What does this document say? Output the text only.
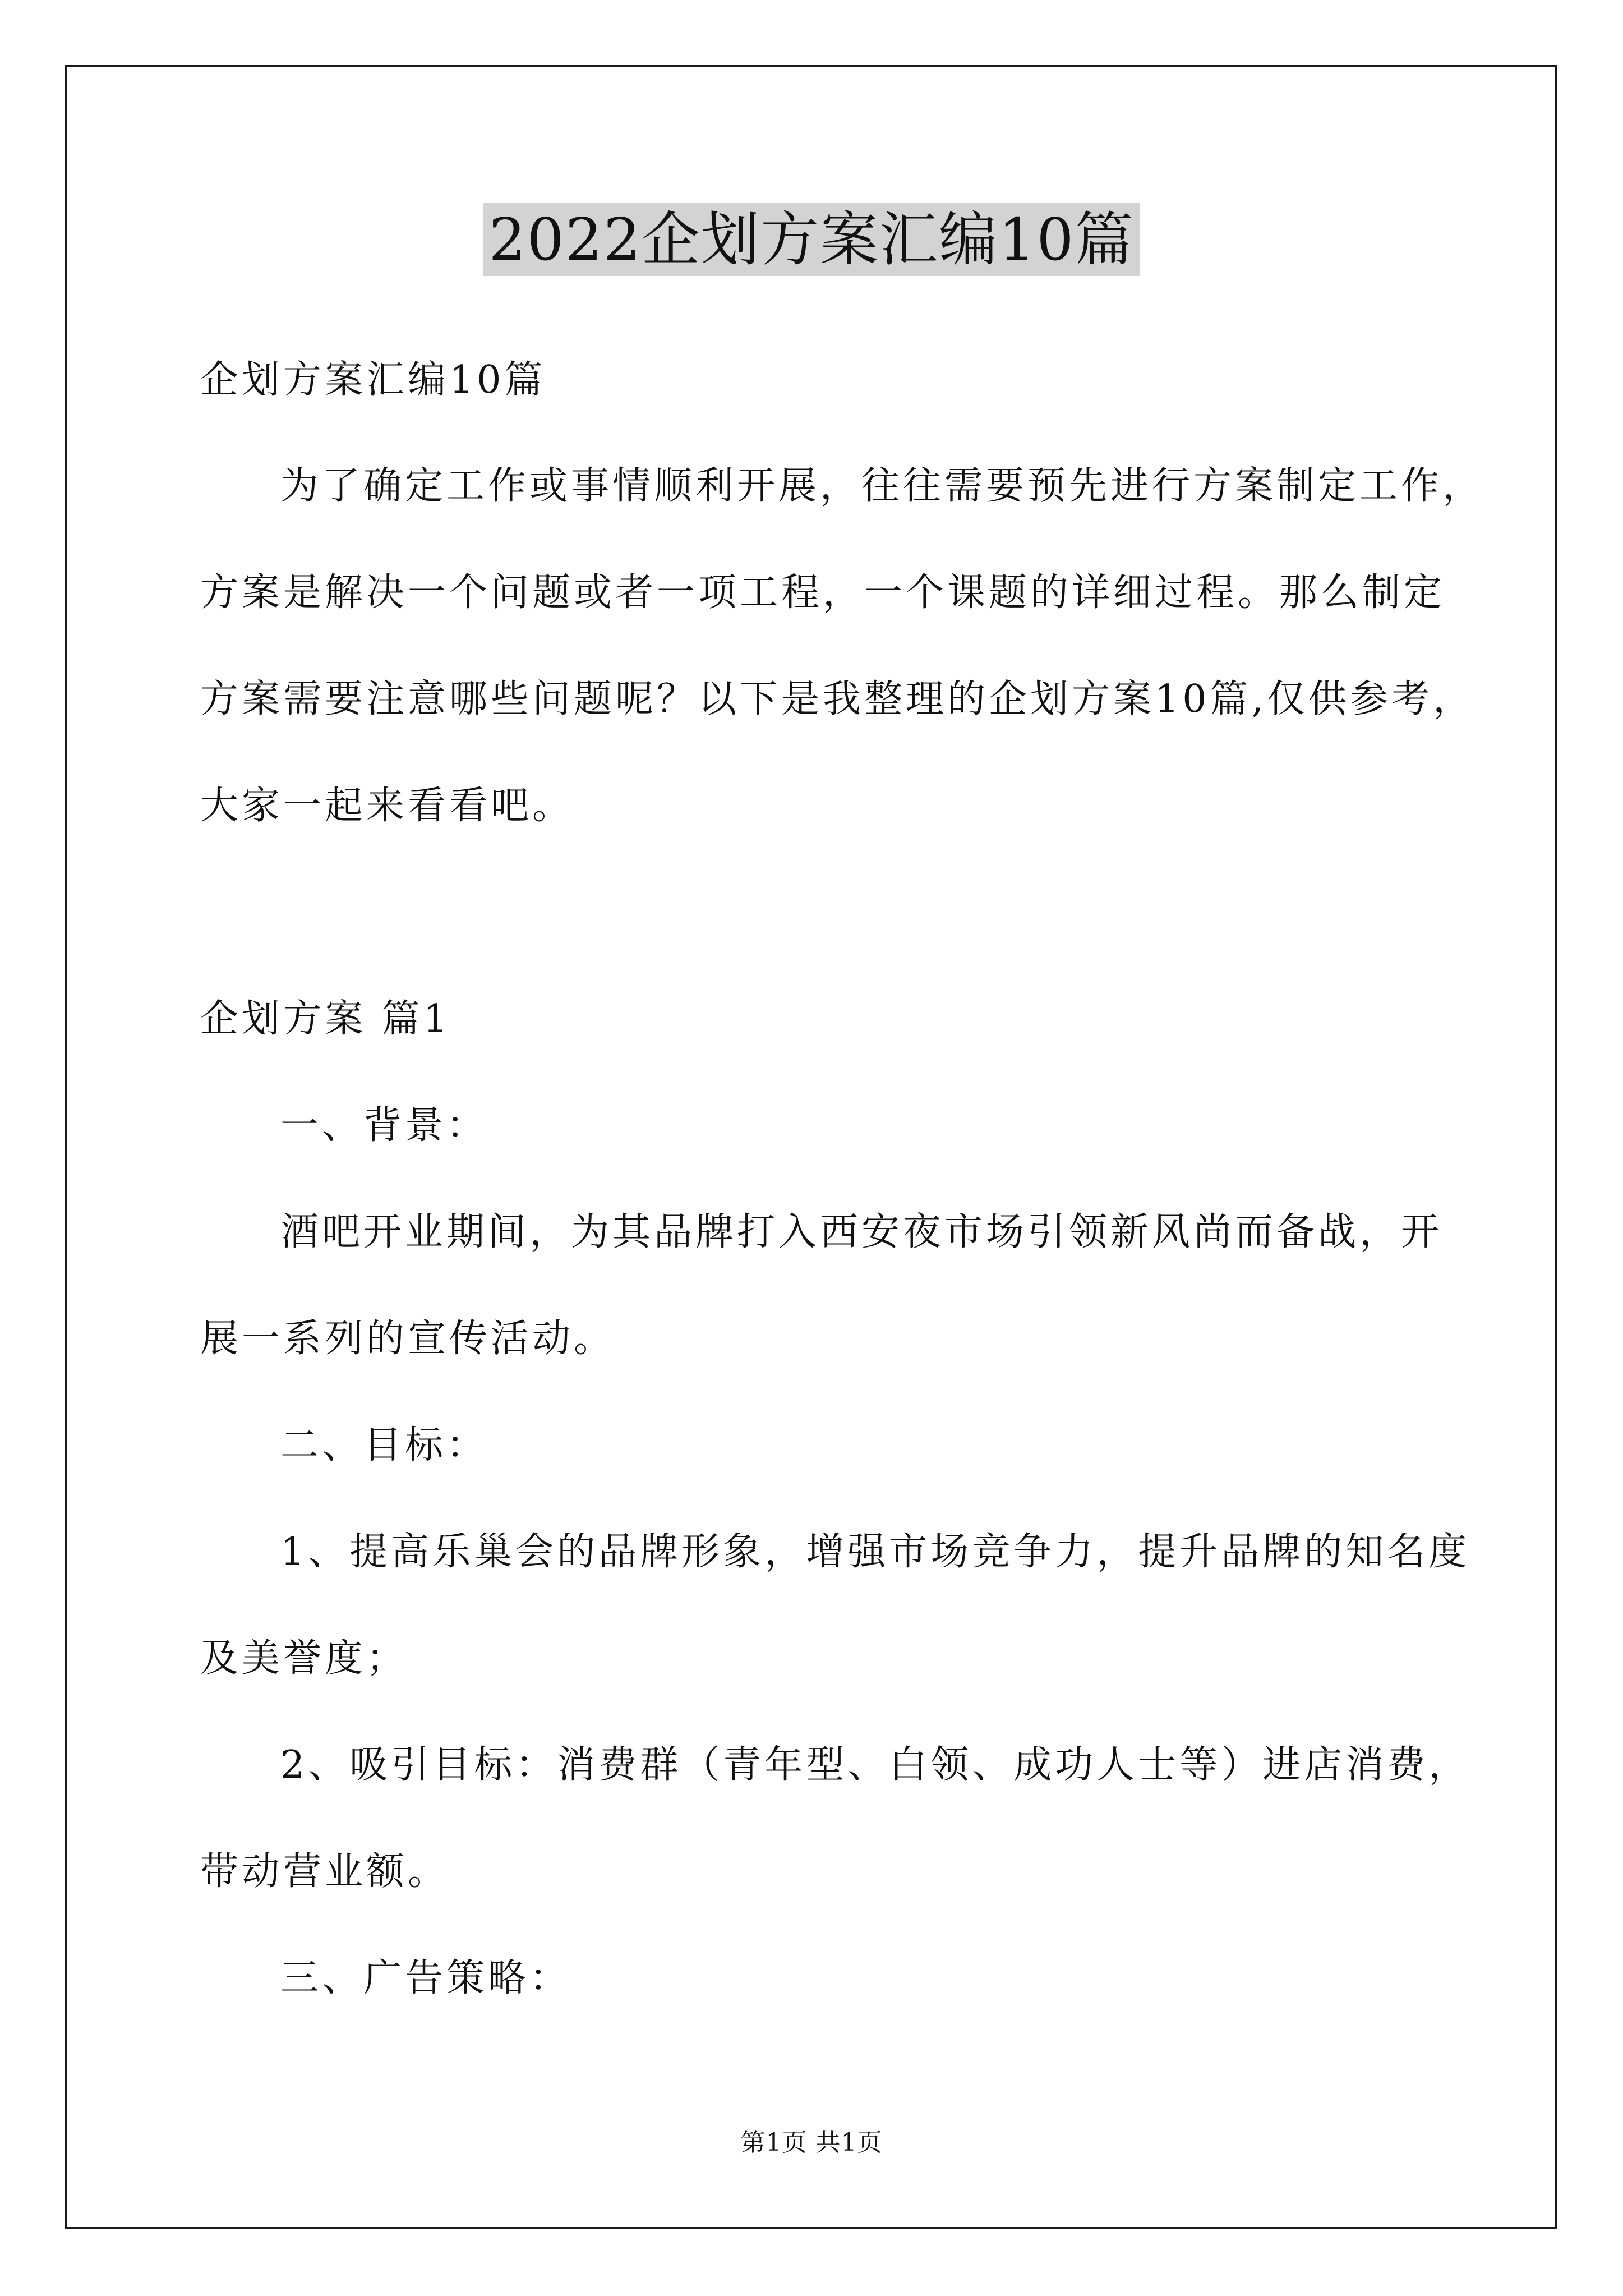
2022企划方案汇编10篇
企划方案汇编10篇
为了确定工作或事情顺利开展，往往需要预先进行方案制定工作，
方案是解决一个问题或者一项工程，一个课题的详细过程。那么制定
方案需要注意哪些问题呢？以下是我整理的企划方案10篇,仅供参考，
大家一起来看看吧。
企划方案 篇1
一、背景：
酒吧开业期间，为其品牌打入西安夜市场引领新风尚而备战，开
展一系列的宣传活动。
二、目标：
1、提高乐巢会的品牌形象，增强市场竞争力，提升品牌的知名度
及美誉度；
2、吸引目标：消费群（青年型、白领、成功人士等）进店消费，
带动营业额。
三、广告策略：
第1页 共1页
